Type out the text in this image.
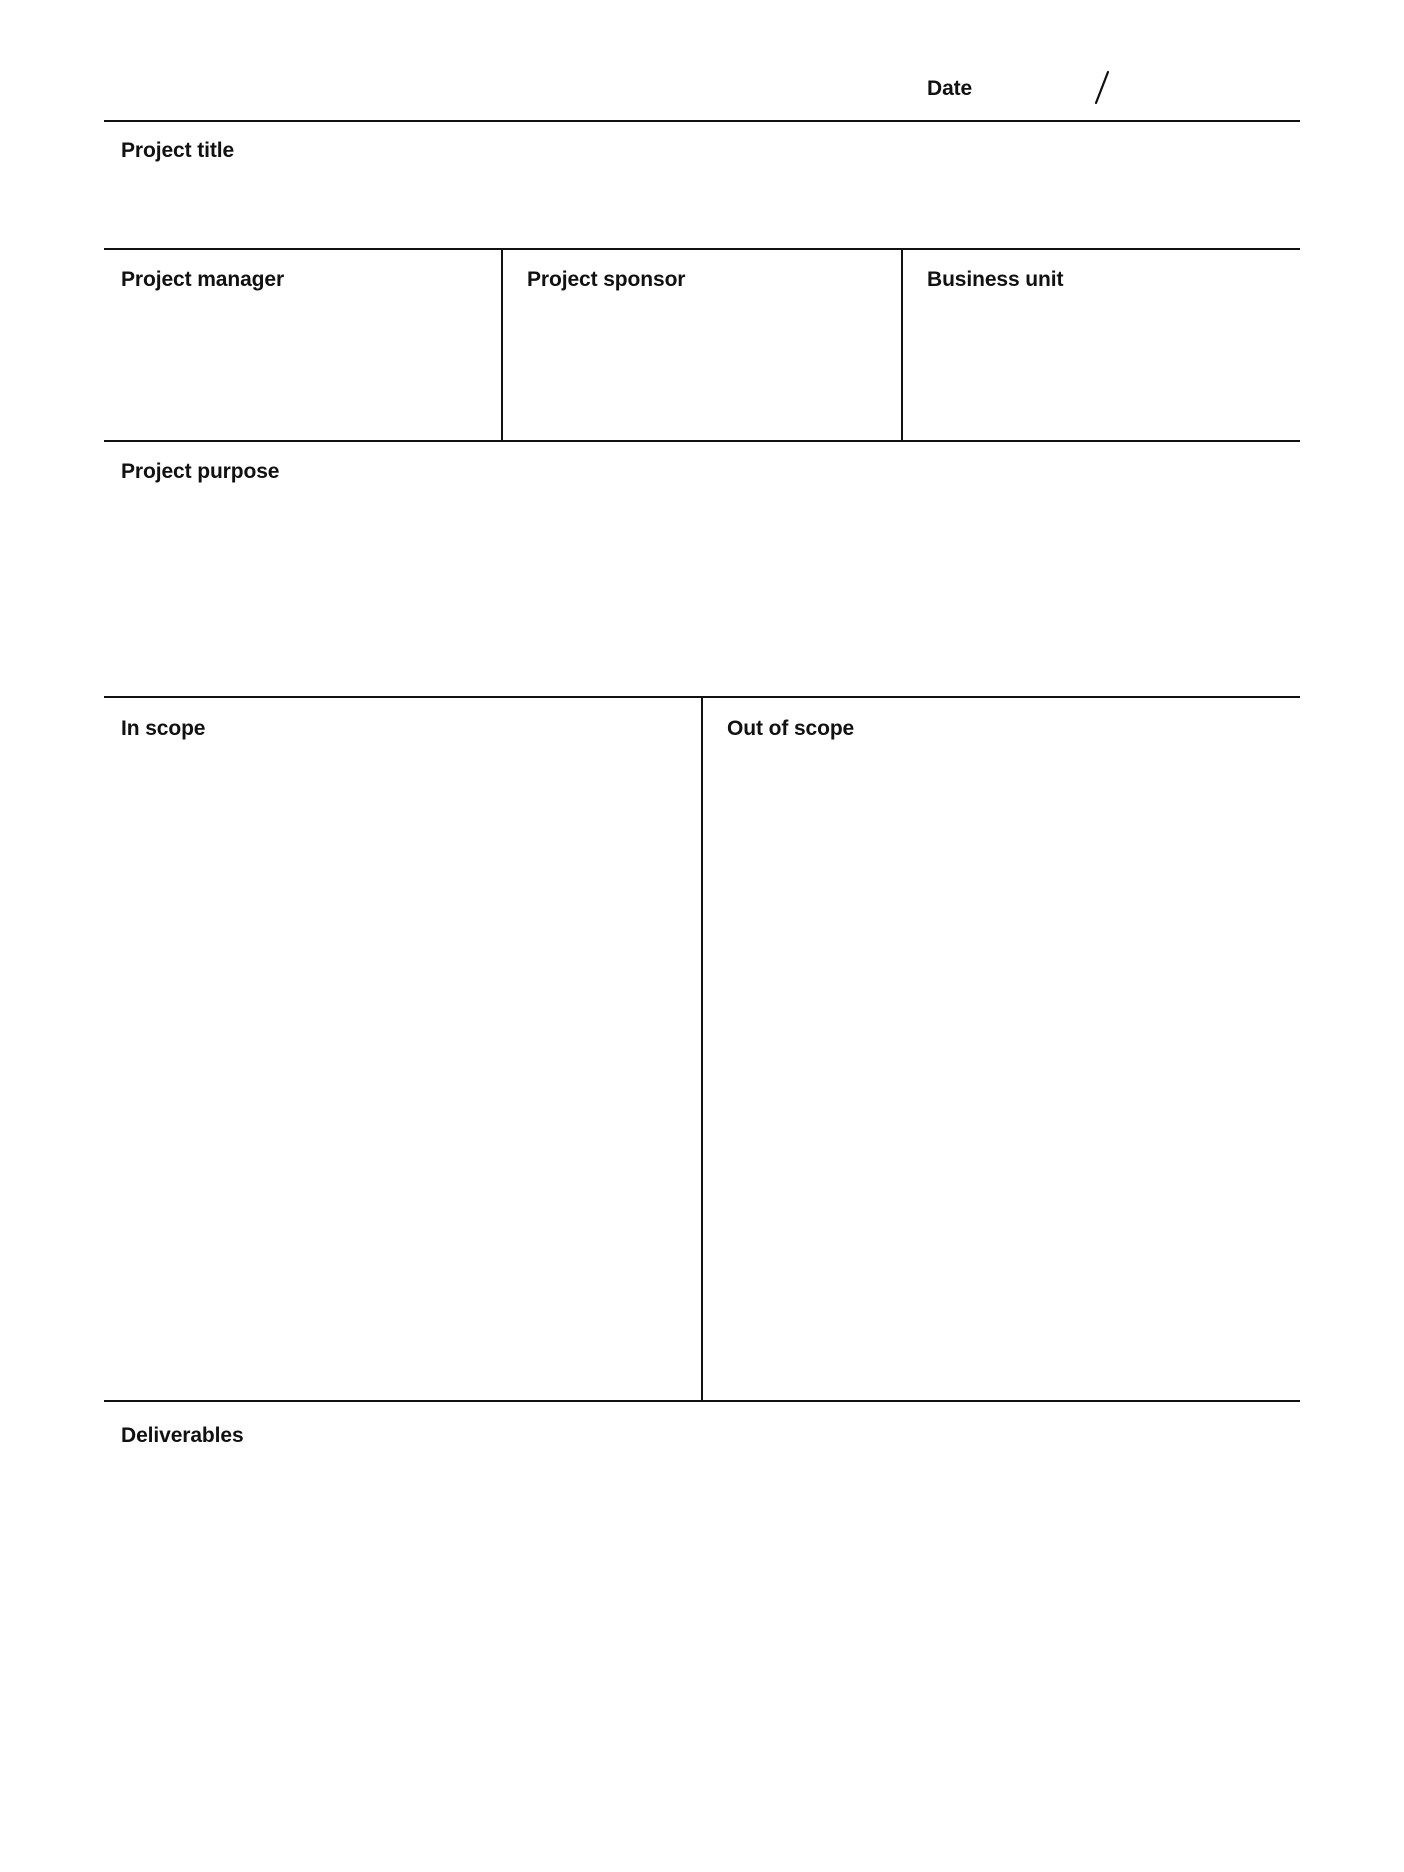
Date
Project title
Project manager	Project sponsor	Business unit
Project purpose
In scope	Out of scope
Deliverables
